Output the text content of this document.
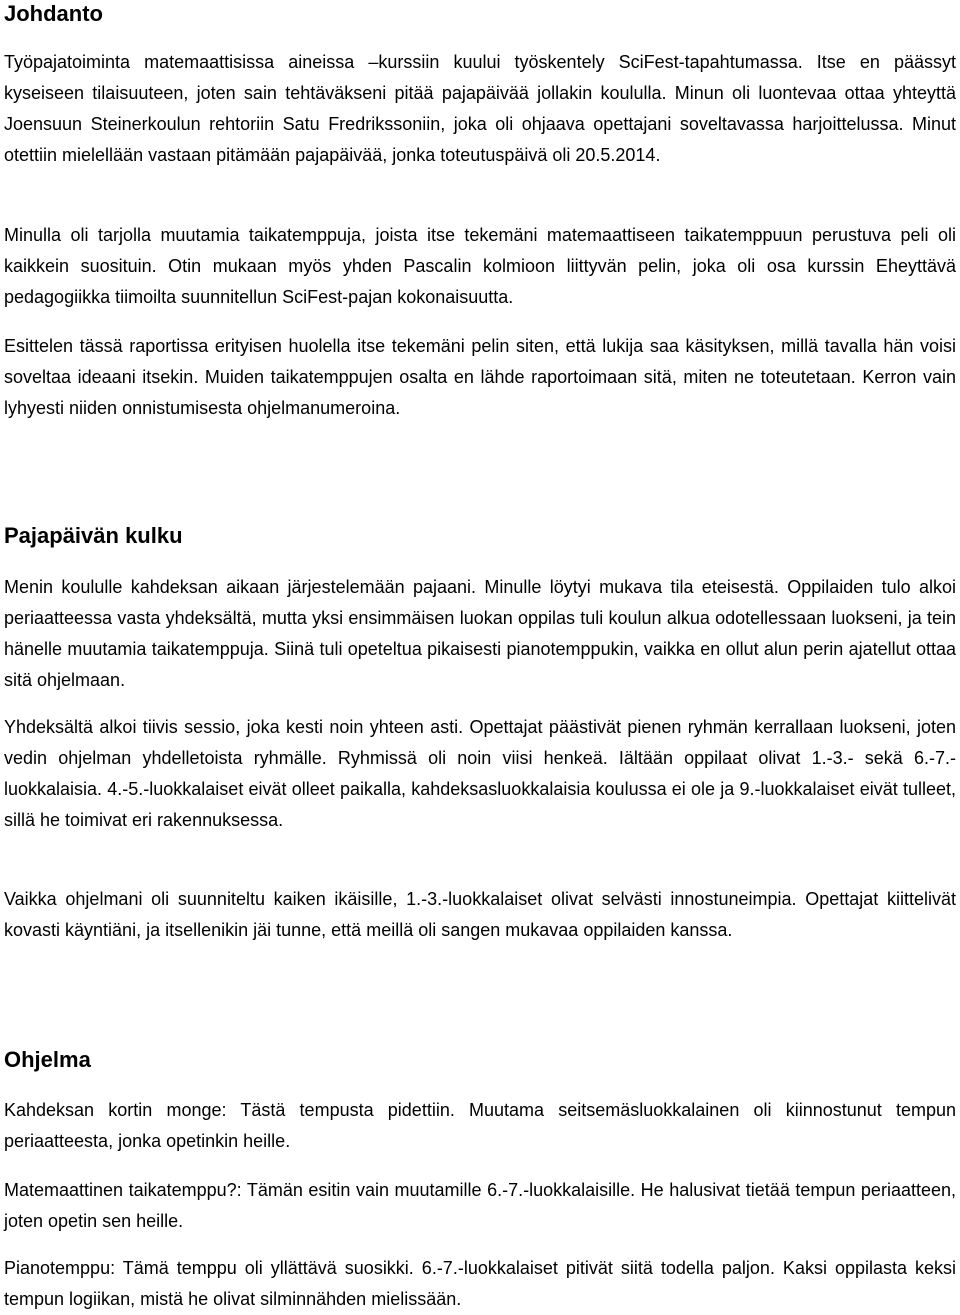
Johdanto

Työpajatoiminta matemaattisissa aineissa –kurssiin kuului työskentely SciFest-tapahtumassa. Itse en päässyt kyseiseen tilaisuuteen, joten sain tehtäväkseni pitää pajapäivää jollakin koululla. Minun oli luontevaa ottaa yhteyttä Joensuun Steinerkoulun rehtoriin Satu Fredrikssoniin, joka oli ohjaava opettajani soveltavassa harjoittelussa. Minut otettiin mielellään vastaan pitämään pajapäivää, jonka toteutuspäivä oli 20.5.2014.

Minulla oli tarjolla muutamia taikatemppuja, joista itse tekemäni matemaattiseen taikatemppuun perustuva peli oli kaikkein suosituin. Otin mukaan myös yhden Pascalin kolmioon liittyvän pelin, joka oli osa kurssin Eheyttävä pedagogiikka tiimoilta suunnitellun SciFest-pajan kokonaisuutta.

Esittelen tässä raportissa erityisen huolella itse tekemäni pelin siten, että lukija saa käsityksen, millä tavalla hän voisi soveltaa ideaani itsekin. Muiden taikatemppujen osalta en lähde raportoimaan sitä, miten ne toteutetaan. Kerron vain lyhyesti niiden onnistumisesta ohjelmanumeroina.

Pajapäivän kulku

Menin koululle kahdeksan aikaan järjestelemään pajaani. Minulle löytyi mukava tila eteisestä. Oppilaiden tulo alkoi periaatteessa vasta yhdeksältä, mutta yksi ensimmäisen luokan oppilas tuli koulun alkua odotellessaan luokseni, ja tein hänelle muutamia taikatemppuja. Siinä tuli opeteltua pikaisesti pianotemppukin, vaikka en ollut alun perin ajatellut ottaa sitä ohjelmaan.

Yhdeksältä alkoi tiivis sessio, joka kesti noin yhteen asti. Opettajat päästivät pienen ryhmän kerrallaan luokseni, joten vedin ohjelman yhdelletoista ryhmälle. Ryhmissä oli noin viisi henkeä. Iältään oppilaat olivat 1.-3.- sekä 6.-7.-luokkalaisia. 4.-5.-luokkalaiset eivät olleet paikalla, kahdeksasluokkalaisia koulussa ei ole ja 9.-luokkalaiset eivät tulleet, sillä he toimivat eri rakennuksessa.

Vaikka ohjelmani oli suunniteltu kaiken ikäisille, 1.-3.-luokkalaiset olivat selvästi innostuneimpia. Opettajat kiittelivät kovasti käyntiäni, ja itsellenikin jäi tunne, että meillä oli sangen mukavaa oppilaiden kanssa.

Ohjelma

Kahdeksan kortin monge: Tästä tempusta pidettiin. Muutama seitsemäsluokkalainen oli kiinnostunut tempun periaatteesta, jonka opetinkin heille.

Matemaattinen taikatemppu?: Tämän esitin vain muutamille 6.-7.-luokkalaisille. He halusivat tietää tempun periaatteen, joten opetin sen heille.

Pianotemppu: Tämä temppu oli yllättävä suosikki. 6.-7.-luokkalaiset pitivät siitä todella paljon. Kaksi oppilasta keksi tempun logiikan, mistä he olivat silminnähden mielissään.
